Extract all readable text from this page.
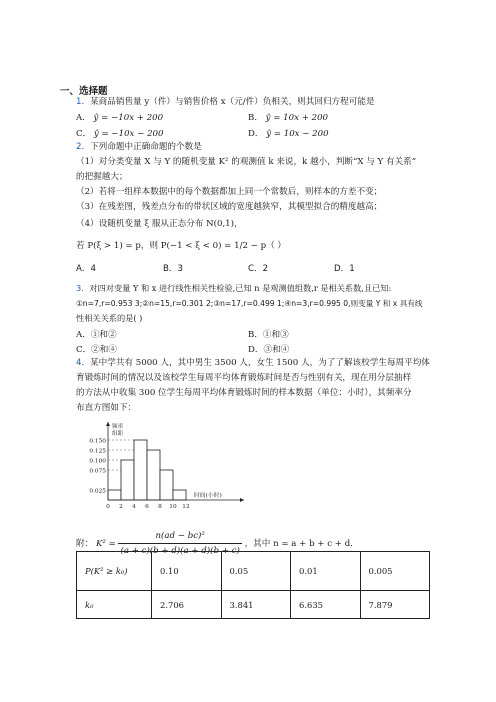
一、选择题
1．某商品销售量 y（件）与销售价格 x（元/件）负相关，则其回归方程可能是
A． ŷ = −10x + 200	B． ŷ = 10x + 200
C． ŷ = −10x − 200	D． ŷ = 10x − 200
2．下列命题中正确命题的个数是
（1）对分类变量 X 与 Y 的随机变量 K² 的观测值 k 来说，k 越小，判断“X 与 Y 有关系”
的把握越大；
（2）若将一组样本数据中的每个数据都加上同一个常数后，则样本的方差不变；
（3）在残差图，残差点分布的带状区域的宽度越狭窄，其模型拟合的精度越高；
（4）设随机变量 ξ 服从正态分布 N(0,1)，
若 P(ξ > 1) = p，则 P(−1 < ξ < 0) = 1/2 − p（ ）
A．4	B．3	C．2	D．1
3．对四对变量 Y 和 x 进行线性相关性检验,已知 n 是观测值组数,r 是相关系数,且已知:
①n=7,r=0.953 3;②n=15,r=0.301 2;③n=17,r=0.499 1;④n=3,r=0.995 0,则变量 Y 和 x 具有线
性相关关系的是( )
A．①和②	B．①和③
C．②和④	D．③和④
4．某中学共有 5000 人，其中男生 3500 人，女生 1500 人，为了了解该校学生每周平均体
育锻炼时间的情况以及该校学生每周平均体育锻炼时间是否与性别有关，现在用分层抽样
的方法从中收集 300 位学生每周平均体育锻炼时间的样本数据（单位：小时），其频率分
布直方图如下：
0.025
0.075
0.100
0.125
0.150
0 2 4 6 8 10 12
频率
组距
时间(小时)
附： $K^2 = \frac{\text{n(ad − bc)²}}{(a + c)(b + d)(a + d)(b + c)}$ ，其中 n = a + b + c + d．
P(K² ≥ k₀)	0.10	0.05	0.01	0.005
k₀	2.706	3.841	6.635	7.879
